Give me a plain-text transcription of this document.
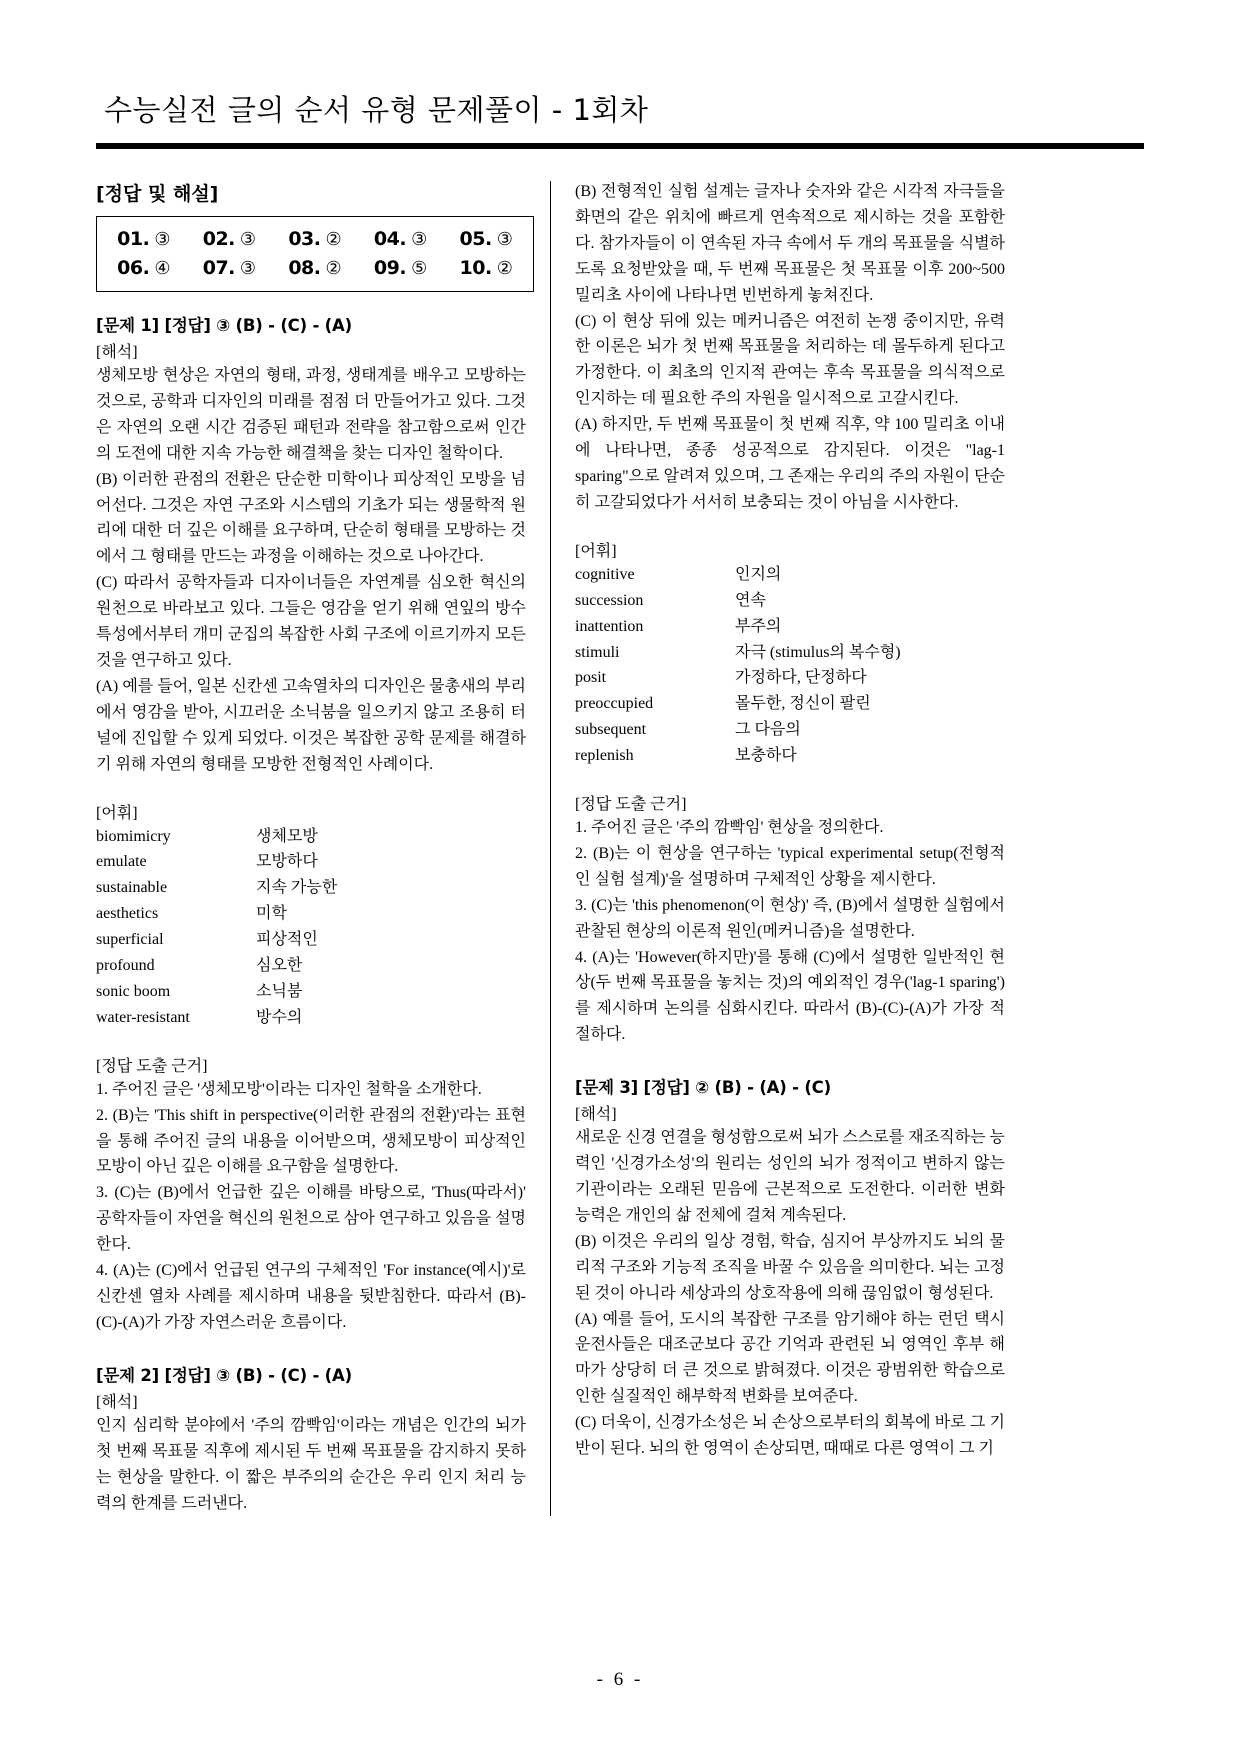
수능실전 글의 순서 유형 문제풀이 - 1회차
[정답 및 해설]
01. ③	02. ③	03. ②	04. ③	05. ③
06. ④	07. ③	08. ②	09. ⑤	10. ②
[문제 1] [정답] ③ (B) - (C) - (A)
[해석]

생체모방 현상은 자연의 형태, 과정, 생태계를 배우고 모방하는 것으로, 공학과 디자인의 미래를 점점 더 만들어가고 있다. 그것은 자연의 오랜 시간 검증된 패턴과 전략을 참고함으로써 인간의 도전에 대한 지속 가능한 해결책을 찾는 디자인 철학이다.

(B) 이러한 관점의 전환은 단순한 미학이나 피상적인 모방을 넘어선다. 그것은 자연 구조와 시스템의 기초가 되는 생물학적 원리에 대한 더 깊은 이해를 요구하며, 단순히 형태를 모방하는 것에서 그 형태를 만드는 과정을 이해하는 것으로 나아간다.

(C) 따라서 공학자들과 디자이너들은 자연계를 심오한 혁신의 원천으로 바라보고 있다. 그들은 영감을 얻기 위해 연잎의 방수 특성에서부터 개미 군집의 복잡한 사회 구조에 이르기까지 모든 것을 연구하고 있다.

(A) 예를 들어, 일본 신칸센 고속열차의 디자인은 물총새의 부리에서 영감을 받아, 시끄러운 소닉붐을 일으키지 않고 조용히 터널에 진입할 수 있게 되었다. 이것은 복잡한 공학 문제를 해결하기 위해 자연의 형태를 모방한 전형적인 사례이다.

[어휘]
biomimicry	생체모방
emulate	모방하다
sustainable	지속 가능한
aesthetics	미학
superficial	피상적인
profound	심오한
sonic boom	소닉붐
water-resistant	방수의
[정답 도출 근거]

1. 주어진 글은 '생체모방'이라는 디자인 철학을 소개한다.

2. (B)는 'This shift in perspective(이러한 관점의 전환)'라는 표현을 통해 주어진 글의 내용을 이어받으며, 생체모방이 피상적인 모방이 아닌 깊은 이해를 요구함을 설명한다.

3. (C)는 (B)에서 언급한 깊은 이해를 바탕으로, 'Thus(따라서)' 공학자들이 자연을 혁신의 원천으로 삼아 연구하고 있음을 설명한다.

4. (A)는 (C)에서 언급된 연구의 구체적인 'For instance(예시)'로 신칸센 열차 사례를 제시하며 내용을 뒷받침한다. 따라서 (B)-(C)-(A)가 가장 자연스러운 흐름이다.

[문제 2] [정답] ③ (B) - (C) - (A)
[해석]

인지 심리학 분야에서 '주의 깜빡임'이라는 개념은 인간의 뇌가 첫 번째 목표물 직후에 제시된 두 번째 목표물을 감지하지 못하는 현상을 말한다. 이 짧은 부주의의 순간은 우리 인지 처리 능력의 한계를 드러낸다.

(B) 전형적인 실험 설계는 글자나 숫자와 같은 시각적 자극들을 화면의 같은 위치에 빠르게 연속적으로 제시하는 것을 포함한다. 참가자들이 이 연속된 자극 속에서 두 개의 목표물을 식별하도록 요청받았을 때, 두 번째 목표물은 첫 목표물 이후 200~500 밀리초 사이에 나타나면 빈번하게 놓쳐진다.

(C) 이 현상 뒤에 있는 메커니즘은 여전히 논쟁 중이지만, 유력한 이론은 뇌가 첫 번째 목표물을 처리하는 데 몰두하게 된다고 가정한다. 이 최초의 인지적 관여는 후속 목표물을 의식적으로 인지하는 데 필요한 주의 자원을 일시적으로 고갈시킨다.

(A) 하지만, 두 번째 목표물이 첫 번째 직후, 약 100 밀리초 이내에 나타나면, 종종 성공적으로 감지된다. 이것은 "lag-1 sparing"으로 알려져 있으며, 그 존재는 우리의 주의 자원이 단순히 고갈되었다가 서서히 보충되는 것이 아님을 시사한다.

[어휘]
cognitive	인지의
succession	연속
inattention	부주의
stimuli	자극 (stimulus의 복수형)
posit	가정하다, 단정하다
preoccupied	몰두한, 정신이 팔린
subsequent	그 다음의
replenish	보충하다
[정답 도출 근거]

1. 주어진 글은 '주의 깜빡임' 현상을 정의한다.

2. (B)는 이 현상을 연구하는 'typical experimental setup(전형적인 실험 설계)'을 설명하며 구체적인 상황을 제시한다.

3. (C)는 'this phenomenon(이 현상)' 즉, (B)에서 설명한 실험에서 관찰된 현상의 이론적 원인(메커니즘)을 설명한다.

4. (A)는 'However(하지만)'를 통해 (C)에서 설명한 일반적인 현상(두 번째 목표물을 놓치는 것)의 예외적인 경우('lag-1 sparing')를 제시하며 논의를 심화시킨다. 따라서 (B)-(C)-(A)가 가장 적절하다.

[문제 3] [정답] ② (B) - (A) - (C)
[해석]

새로운 신경 연결을 형성함으로써 뇌가 스스로를 재조직하는 능력인 '신경가소성'의 원리는 성인의 뇌가 정적이고 변하지 않는 기관이라는 오래된 믿음에 근본적으로 도전한다. 이러한 변화 능력은 개인의 삶 전체에 걸쳐 계속된다.

(B) 이것은 우리의 일상 경험, 학습, 심지어 부상까지도 뇌의 물리적 구조와 기능적 조직을 바꿀 수 있음을 의미한다. 뇌는 고정된 것이 아니라 세상과의 상호작용에 의해 끊임없이 형성된다.

(A) 예를 들어, 도시의 복잡한 구조를 암기해야 하는 런던 택시 운전사들은 대조군보다 공간 기억과 관련된 뇌 영역인 후부 해마가 상당히 더 큰 것으로 밝혀졌다. 이것은 광범위한 학습으로 인한 실질적인 해부학적 변화를 보여준다.

(C) 더욱이, 신경가소성은 뇌 손상으로부터의 회복에 바로 그 기반이 된다. 뇌의 한 영역이 손상되면, 때때로 다른 영역이 그 기

- 6 -
